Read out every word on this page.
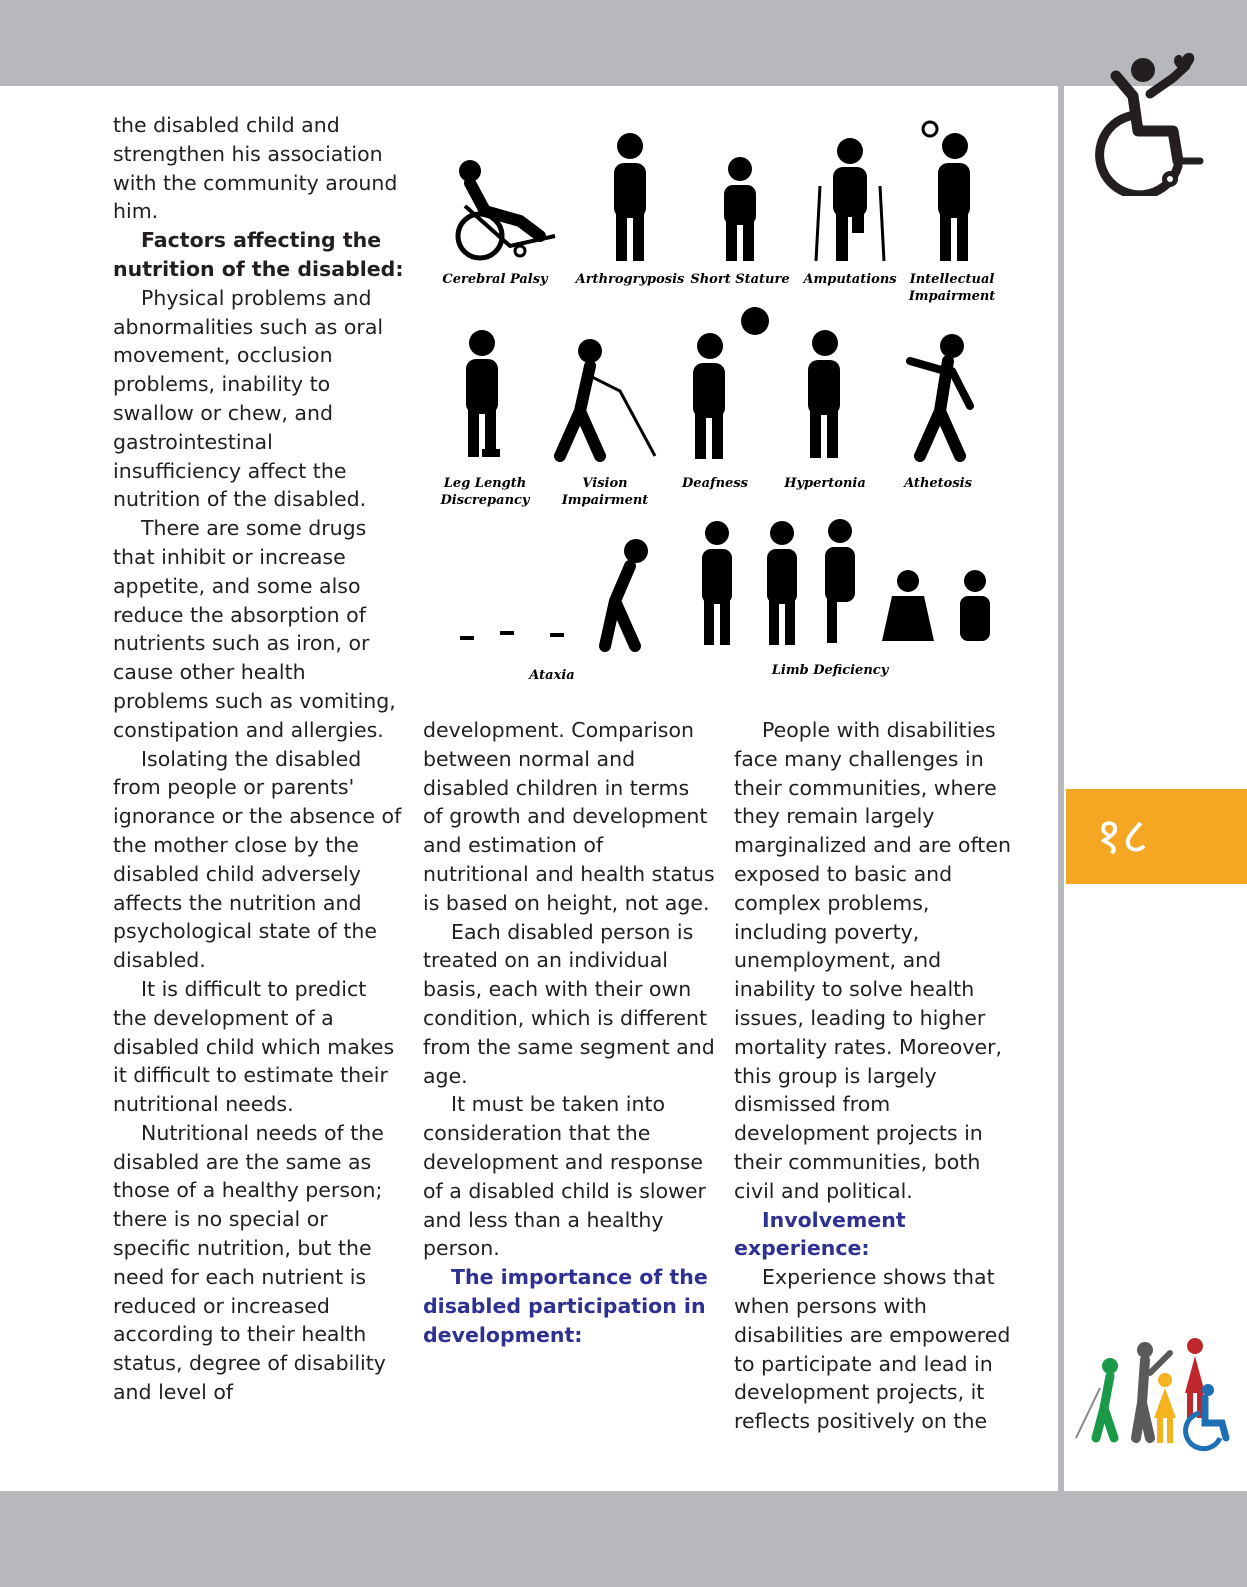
१८

the disabled child and strengthen his association with the community around him.

Factors affecting the nutrition of the disabled:

Physical problems and abnormalities such as oral movement, occlusion problems, inability to swallow or chew, and gastrointestinal insufficiency affect the nutrition of the disabled.

There are some drugs that inhibit or increase appetite, and some also reduce the absorption of nutrients such as iron, or cause other health problems such as vomiting, constipation and allergies.

Isolating the disabled from people or parents' ignorance or the absence of the mother close by the disabled child adversely affects the nutrition and psychological state of the disabled.

It is difficult to predict the development of a disabled child which makes it difficult to estimate their nutritional needs.

Nutritional needs of the disabled are the same as those of a healthy person; there is no special or specific nutrition, but the need for each nutrient is reduced or increased according to their health status, degree of disability and level of

Cerebral Palsy Arthrogryposis Short Stature Amputations Intellectual
Impairment
Leg Length
Discrepancy
Vision
Impairment
Deafness	Hypertonia	Athetosis
Ataxia	Limb Deficiency

development. Comparison between normal and disabled children in terms of growth and development and estimation of nutritional and health status is based on height, not age.

Each disabled person is treated on an individual basis, each with their own condition, which is different from the same segment and age.

It must be taken into consideration that the development and response of a disabled child is slower and less than a healthy person.

The importance of the disabled participation in development:

People with disabilities face many challenges in their communities, where they remain largely marginalized and are often exposed to basic and complex problems, including poverty, unemployment, and inability to solve health issues, leading to higher mortality rates. Moreover, this group is largely dismissed from development projects in their communities, both civil and political.

Involvement experience:

Experience shows that when persons with disabilities are empowered to participate and lead in development projects, it reflects positively on the
